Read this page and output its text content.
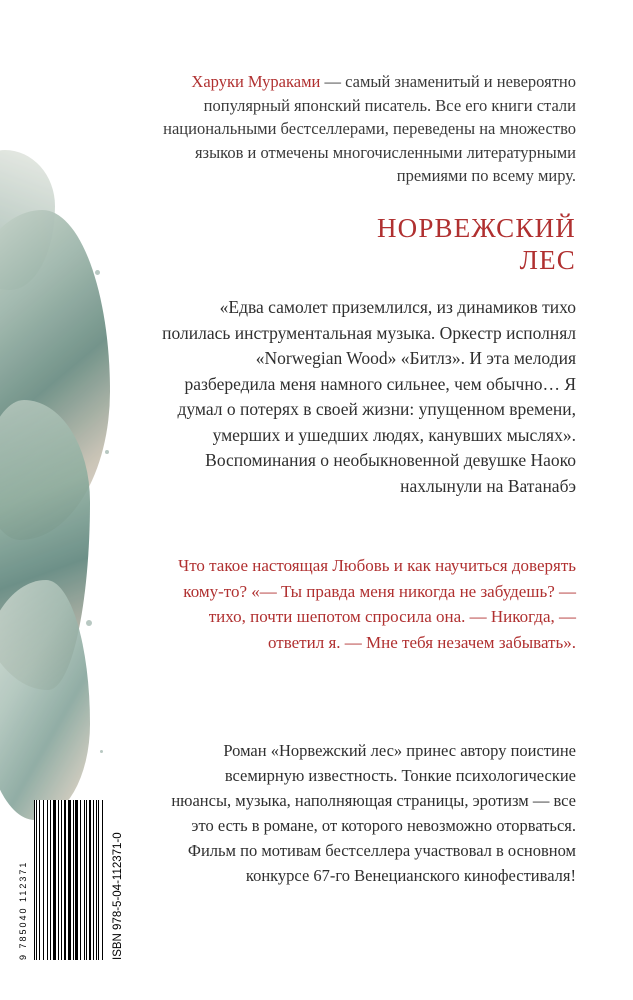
Харуки Мураками — самый знаменитый и невероятно популярный японский писатель. Все его книги стали национальными бестселлерами, переведены на множество языков и отмечены многочисленными литературными премиями по всему миру.
НОРВЕЖСКИЙ
ЛЕС
«Едва самолет приземлился, из динамиков тихо полилась инструментальная музыка. Оркестр исполнял «Norwegian Wood» «Битлз». И эта мелодия разбередила меня намного сильнее, чем обычно… Я думал о потерях в своей жизни: упущенном времени, умерших и ушедших людях, канувших мыслях». Воспоминания о необыкновенной девушке Наоко нахлынули на Ватанабэ
Что такое настоящая Любовь и как научиться доверять кому-то? «— Ты правда меня никогда не забудешь? — тихо, почти шепотом спросила она. — Никогда, — ответил я. — Мне тебя незачем забывать».
Роман «Норвежский лес» принес автору поистине всемирную известность. Тонкие психологические нюансы, музыка, наполняющая страницы, эротизм — все это есть в романе, от которого невозможно оторваться. Фильм по мотивам бестселлера участвовал в основном конкурсе 67-го Венецианского кинофестиваля!
9 785040 112371	ISBN 978-5-04-112371-0
